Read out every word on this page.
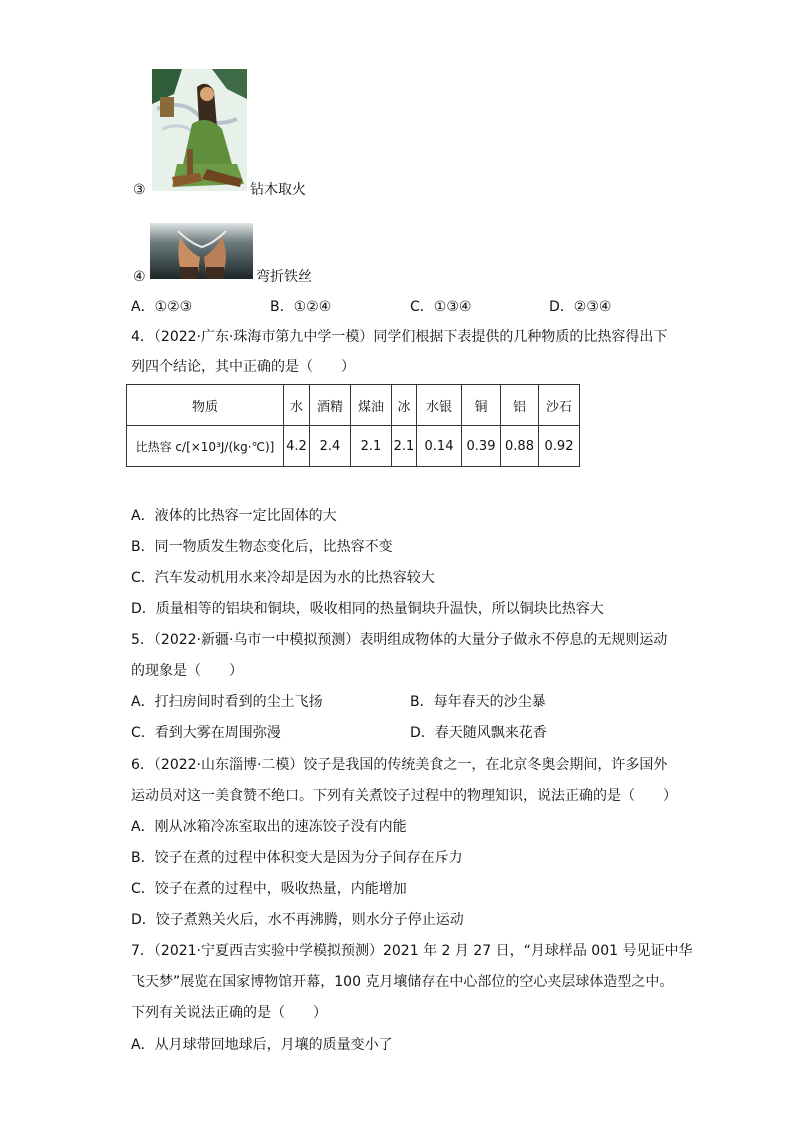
③	钻木取火
④	弯折铁丝
A．①②③	B．①②④	C．①③④	D．②③④
4．（2022·广东·珠海市第九中学一模）同学们根据下表提供的几种物质的比热容得出下
列四个结论，其中正确的是（　　）
物质	水	酒精	煤油	冰	水银	铜	铝	沙石
比热容 c/[×10³J/(kg·℃)]	4.2	2.4	2.1	2.1	0.14	0.39	0.88	0.92
A．液体的比热容一定比固体的大
B．同一物质发生物态变化后，比热容不变
C．汽车发动机用水来冷却是因为水的比热容较大
D．质量相等的铝块和铜块，吸收相同的热量铜块升温快，所以铜块比热容大
5．（2022·新疆·乌市一中模拟预测）表明组成物体的大量分子做永不停息的无规则运动
的现象是（　　）
A．打扫房间时看到的尘土飞扬	B．每年春天的沙尘暴
C．看到大雾在周围弥漫	D．春天随风飘来花香
6．（2022·山东淄博·二模）饺子是我国的传统美食之一，在北京冬奥会期间，许多国外
运动员对这一美食赞不绝口。下列有关煮饺子过程中的物理知识，说法正确的是（　　）
A．刚从冰箱冷冻室取出的速冻饺子没有内能
B．饺子在煮的过程中体积变大是因为分子间存在斥力
C．饺子在煮的过程中，吸收热量，内能增加
D．饺子煮熟关火后，水不再沸腾，则水分子停止运动
7．（2021·宁夏西吉实验中学模拟预测）2021 年 2 月 27 日，“月球样品 001 号见证中华
飞天梦”展览在国家博物馆开幕，100 克月壤储存在中心部位的空心夹层球体造型之中。
下列有关说法正确的是（　　）
A．从月球带回地球后，月壤的质量变小了
